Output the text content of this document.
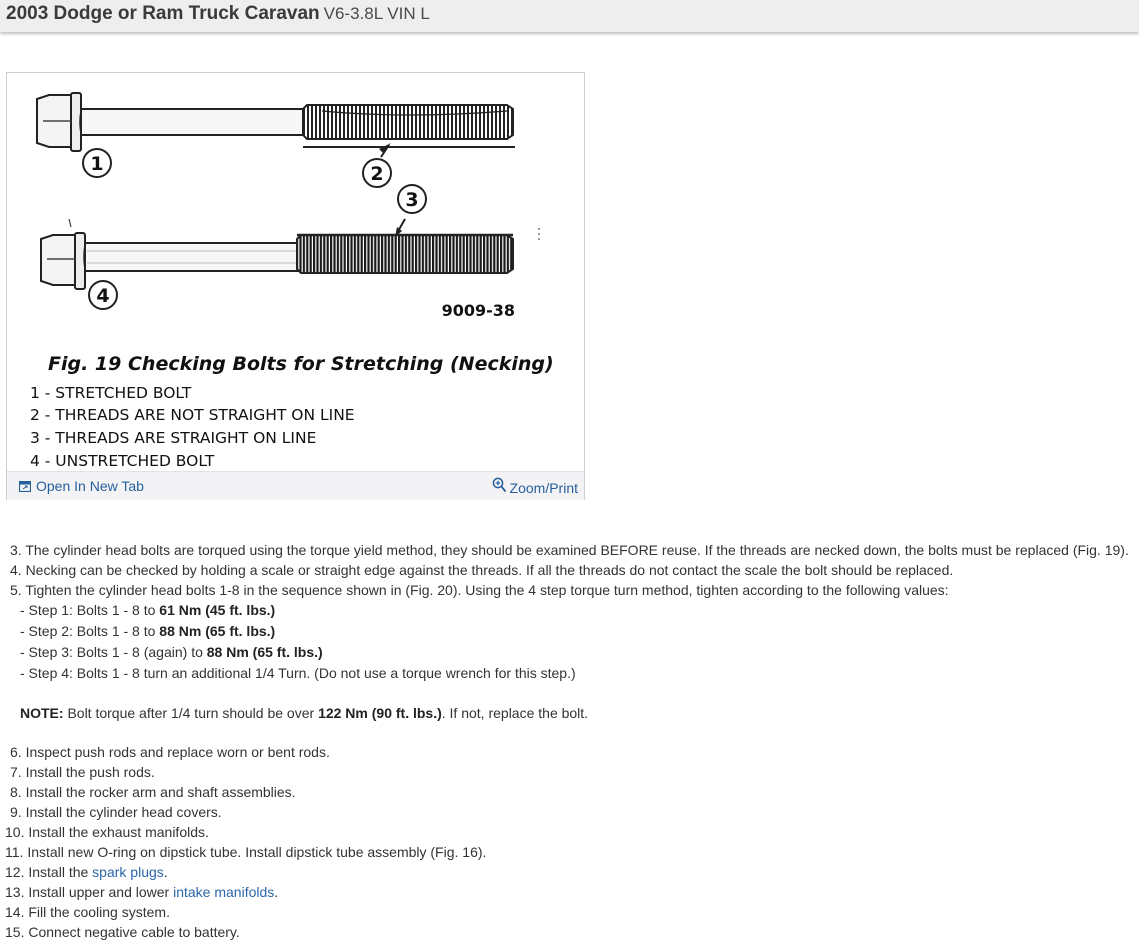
2003 Dodge or Ram Truck Caravan V6-3.8L VIN L
1	2
3
4
9009-38
Fig. 19 Checking Bolts for Stretching (Necking)
1 - STRETCHED BOLT
2 - THREADS ARE NOT STRAIGHT ON LINE
3 - THREADS ARE STRAIGHT ON LINE
4 - UNSTRETCHED BOLT
Open In New Tab	Zoom/Print
3. The cylinder head bolts are torqued using the torque yield method, they should be examined BEFORE reuse. If the threads are necked down, the bolts must be replaced (Fig. 19).
4. Necking can be checked by holding a scale or straight edge against the threads. If all the threads do not contact the scale the bolt should be replaced.
5. Tighten the cylinder head bolts 1-8 in the sequence shown in (Fig. 20). Using the 4 step torque turn method, tighten according to the following values:
- Step 1: Bolts 1 - 8 to 61 Nm (45 ft. lbs.)
- Step 2: Bolts 1 - 8 to 88 Nm (65 ft. lbs.)
- Step 3: Bolts 1 - 8 (again) to 88 Nm (65 ft. lbs.)
- Step 4: Bolts 1 - 8 turn an additional 1/4 Turn. (Do not use a torque wrench for this step.)
NOTE: Bolt torque after 1/4 turn should be over 122 Nm (90 ft. lbs.). If not, replace the bolt.
6. Inspect push rods and replace worn or bent rods.
7. Install the push rods.
8. Install the rocker arm and shaft assemblies.
9. Install the cylinder head covers.
10. Install the exhaust manifolds.
11. Install new O-ring on dipstick tube. Install dipstick tube assembly (Fig. 16).
12. Install the spark plugs.
13. Install upper and lower intake manifolds.
14. Fill the cooling system.
15. Connect negative cable to battery.
